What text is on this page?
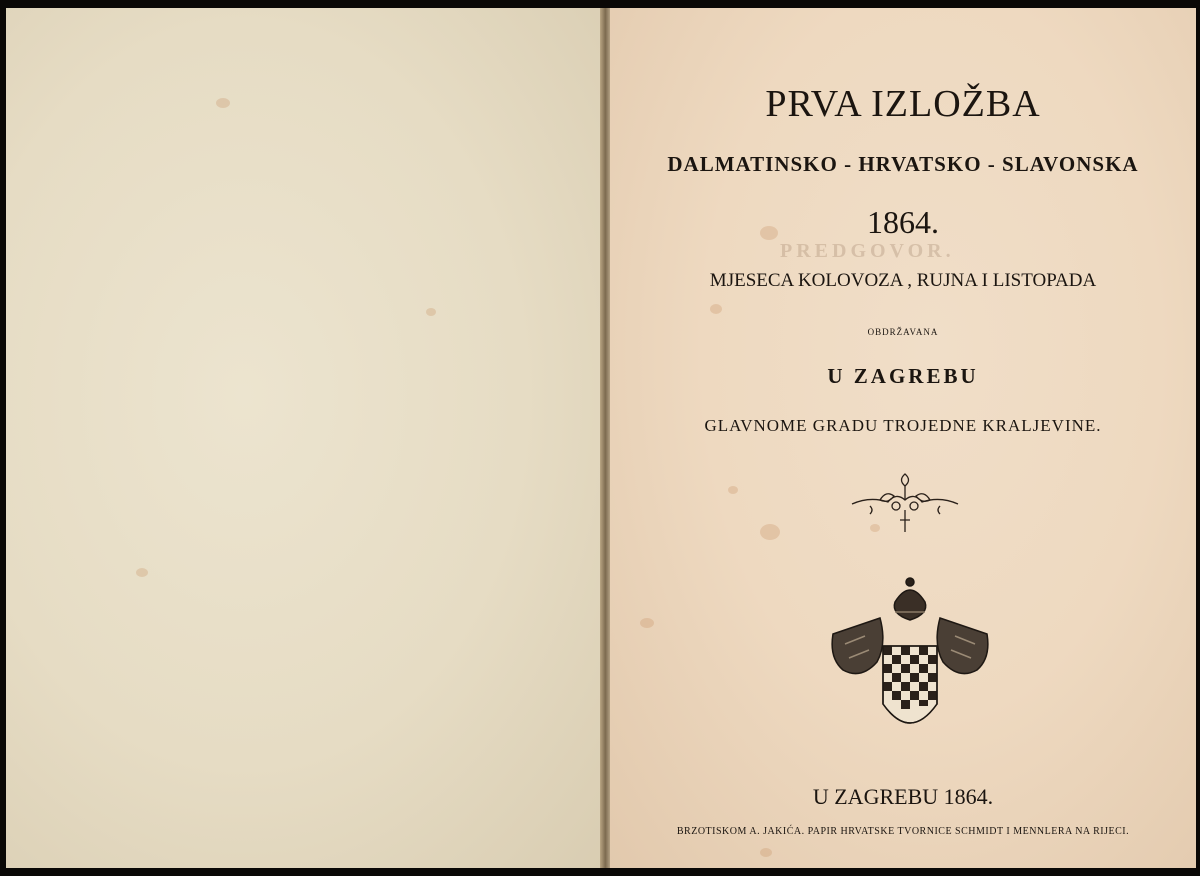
PREDGOVOR.
PRVA IZLOŽBA
DALMATINSKO - HRVATSKO - SLAVONSKA
1864.
MJESECA KOLOVOZA , RUJNA I LISTOPADA
OBDRŽAVANA
U ZAGREBU
GLAVNOME GRADU TROJEDNE KRALJEVINE.
U ZAGREBU 1864.
BRZOTISKOM A. JAKIĆA. PAPIR HRVATSKE TVORNICE SCHMIDT I MENNLERA NA RIJECI.
